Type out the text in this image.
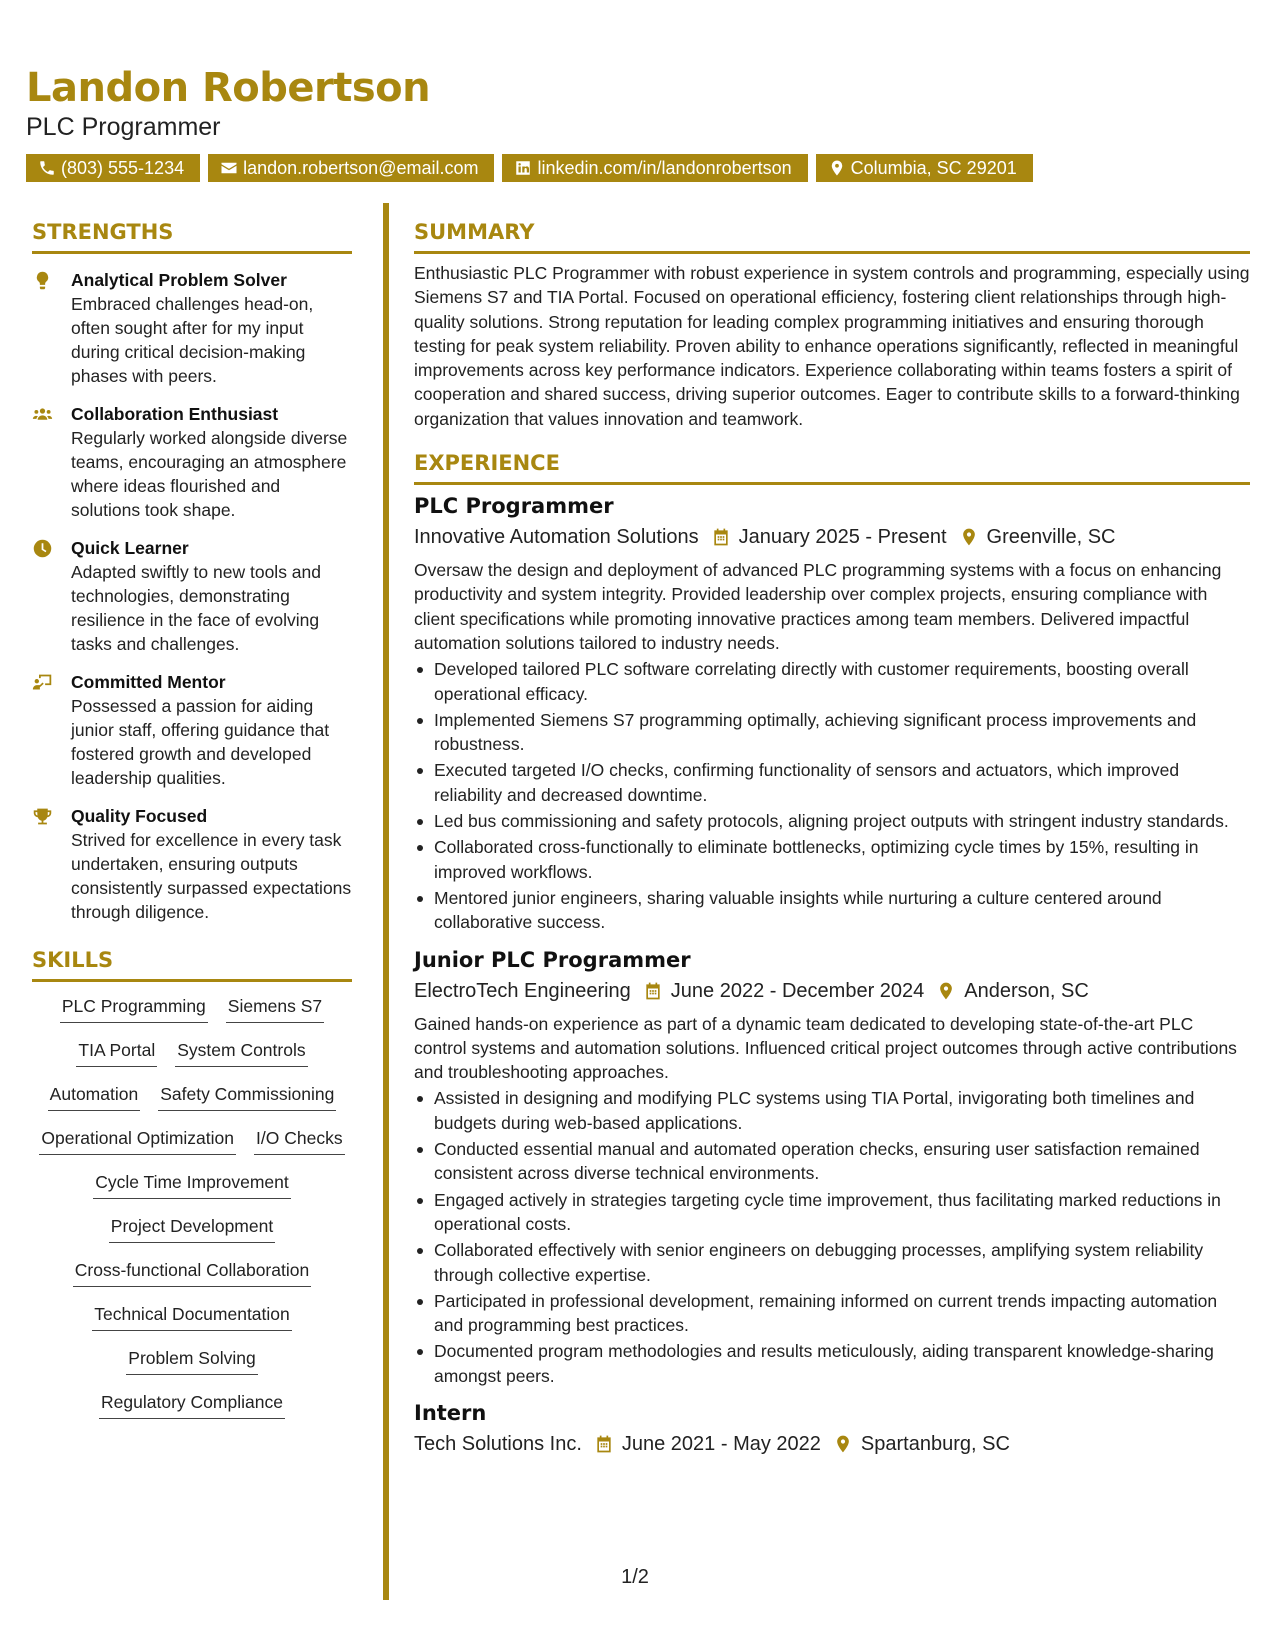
Landon Robertson
PLC Programmer
(803) 555-1234	landon.robertson@email.com	linkedin.com/in/landonrobertson	Columbia, SC 29201
STRENGTHS
Analytical Problem Solver
Embraced challenges head-on, often sought after for my input during critical decision-making phases with peers.
Collaboration Enthusiast
Regularly worked alongside diverse teams, encouraging an atmosphere where ideas flourished and solutions took shape.
Quick Learner
Adapted swiftly to new tools and technologies, demonstrating resilience in the face of evolving tasks and challenges.
Committed Mentor
Possessed a passion for aiding junior staff, offering guidance that fostered growth and developed leadership qualities.
Quality Focused
Strived for excellence in every task undertaken, ensuring outputs consistently surpassed expectations through diligence.
SKILLS
PLC Programming Siemens S7
TIA Portal System Controls
Automation Safety Commissioning
Operational Optimization I/O Checks
Cycle Time Improvement
Project Development
Cross-functional Collaboration
Technical Documentation
Problem Solving
Regulatory Compliance
SUMMARY
Enthusiastic PLC Programmer with robust experience in system controls and programming, especially using Siemens S7 and TIA Portal. Focused on operational efficiency, fostering client relationships through high-quality solutions. Strong reputation for leading complex programming initiatives and ensuring thorough testing for peak system reliability. Proven ability to enhance operations significantly, reflected in meaningful improvements across key performance indicators. Experience collaborating within teams fosters a spirit of cooperation and shared success, driving superior outcomes. Eager to contribute skills to a forward-thinking organization that values innovation and teamwork.
EXPERIENCE
PLC Programmer
Innovative Automation Solutions January 2025 - Present Greenville, SC
Oversaw the design and deployment of advanced PLC programming systems with a focus on enhancing productivity and system integrity. Provided leadership over complex projects, ensuring compliance with client specifications while promoting innovative practices among team members. Delivered impactful automation solutions tailored to industry needs.
Developed tailored PLC software correlating directly with customer requirements, boosting overall operational efficacy.
Implemented Siemens S7 programming optimally, achieving significant process improvements and robustness.
Executed targeted I/O checks, confirming functionality of sensors and actuators, which improved reliability and decreased downtime.
Led bus commissioning and safety protocols, aligning project outputs with stringent industry standards.
Collaborated cross-functionally to eliminate bottlenecks, optimizing cycle times by 15%, resulting in improved workflows.
Mentored junior engineers, sharing valuable insights while nurturing a culture centered around collaborative success.
Junior PLC Programmer
ElectroTech Engineering June 2022 - December 2024 Anderson, SC
Gained hands-on experience as part of a dynamic team dedicated to developing state-of-the-art PLC control systems and automation solutions. Influenced critical project outcomes through active contributions and troubleshooting approaches.
Assisted in designing and modifying PLC systems using TIA Portal, invigorating both timelines and budgets during web-based applications.
Conducted essential manual and automated operation checks, ensuring user satisfaction remained consistent across diverse technical environments.
Engaged actively in strategies targeting cycle time improvement, thus facilitating marked reductions in operational costs.
Collaborated effectively with senior engineers on debugging processes, amplifying system reliability through collective expertise.
Participated in professional development, remaining informed on current trends impacting automation and programming best practices.
Documented program methodologies and results meticulously, aiding transparent knowledge-sharing amongst peers.
Intern
Tech Solutions Inc. June 2021 - May 2022 Spartanburg, SC
1/2
